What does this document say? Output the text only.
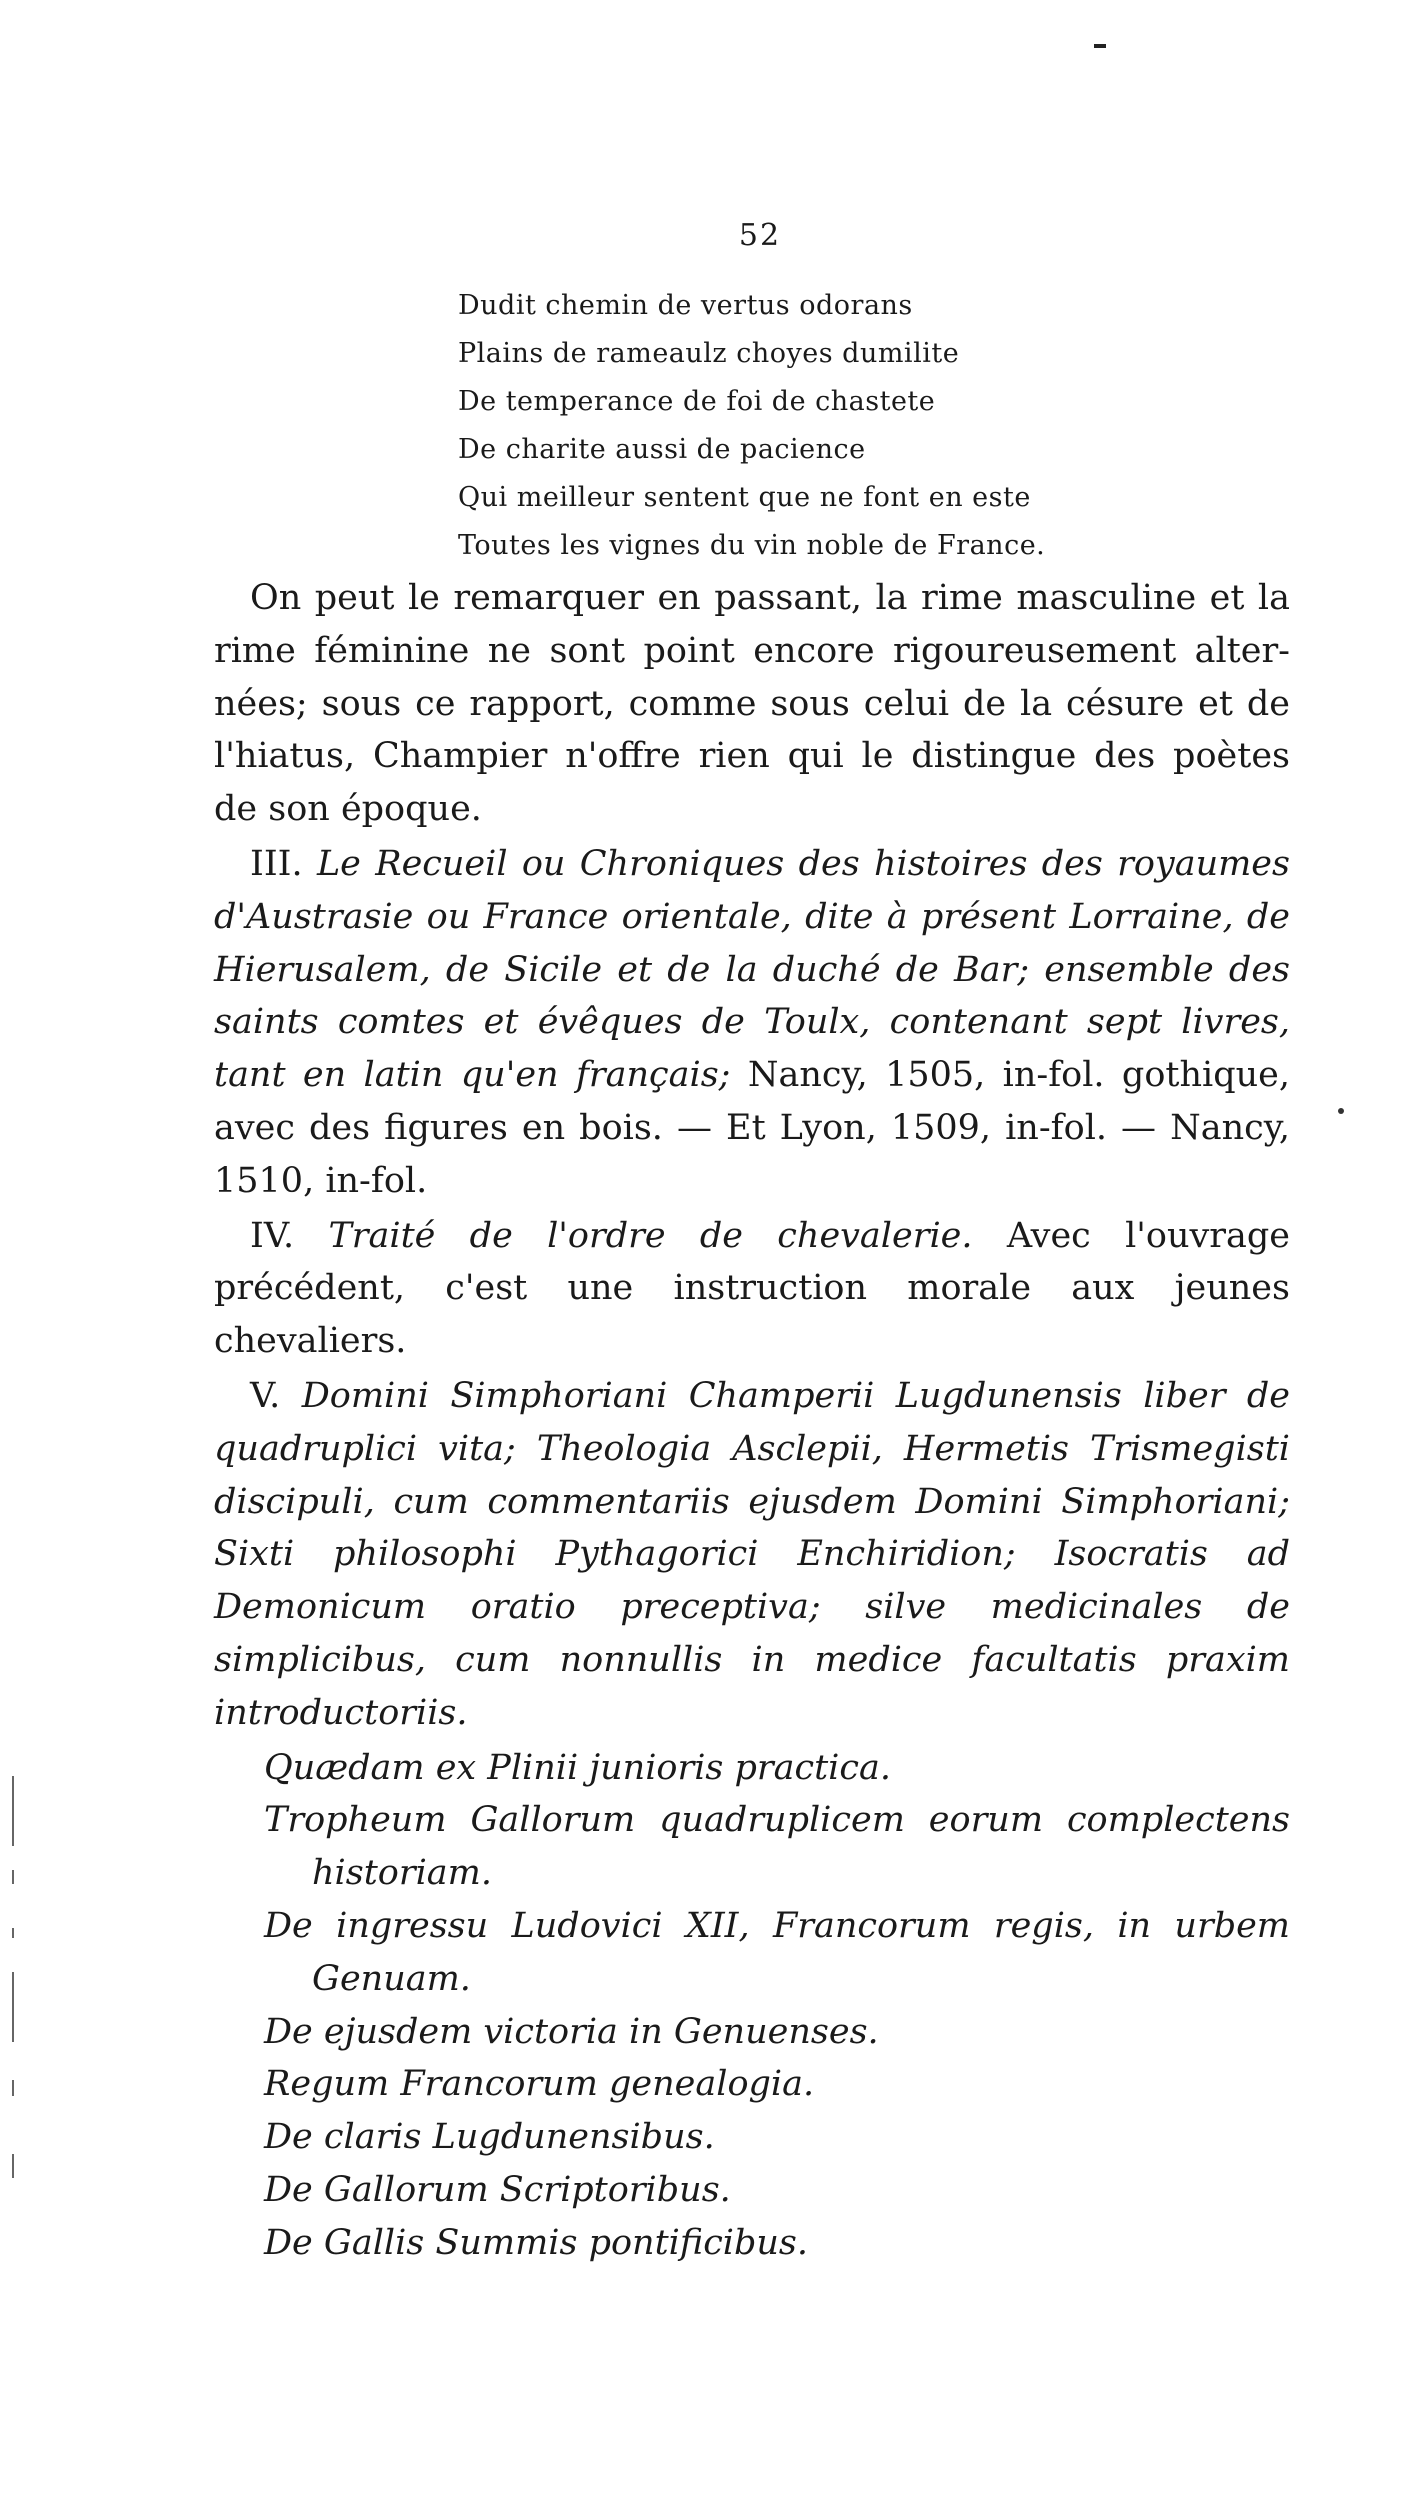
52
Dudit chemin de vertus odorans
Plains de rameaulz choyes dumilite
De temperance de foi de chastete
De charite aussi de pacience
Qui meilleur sentent que ne font en este
Toutes les vignes du vin noble de France.

On peut le remarquer en passant, la rime masculine et la rime féminine ne sont point encore rigoureusement alter-nées; sous ce rapport, comme sous celui de la césure et de l'hiatus, Champier n'offre rien qui le distingue des poètes de son époque.

III. Le Recueil ou Chroniques des histoires des royaumes d'Austrasie ou France orientale, dite à présent Lorraine, de Hierusalem, de Sicile et de la duché de Bar; ensemble des saints comtes et évêques de Toulx, contenant sept livres, tant en latin qu'en français; Nancy, 1505, in-fol. gothique, avec des figures en bois. — Et Lyon, 1509, in-fol. — Nancy, 1510, in-fol.

IV. Traité de l'ordre de chevalerie. Avec l'ouvrage précédent, c'est une instruction morale aux jeunes chevaliers.

V. Domini Simphoriani Champerii Lugdunensis liber de quadruplici vita; Theologia Asclepii, Hermetis Trismegisti discipuli, cum commentariis ejusdem Domini Simphoriani; Sixti philosophi Pythagorici Enchiridion; Isocratis ad Demonicum oratio preceptiva; silve medicinales de simplicibus, cum nonnullis in medice facultatis praxim introductoriis.

Quædam ex Plinii junioris practica.
Tropheum Gallorum quadruplicem eorum complectens historiam.
De ingressu Ludovici XII, Francorum regis, in urbem Genuam.
De ejusdem victoria in Genuenses.
Regum Francorum genealogia.
De claris Lugdunensibus.
De Gallorum Scriptoribus.
De Gallis Summis pontificibus.
